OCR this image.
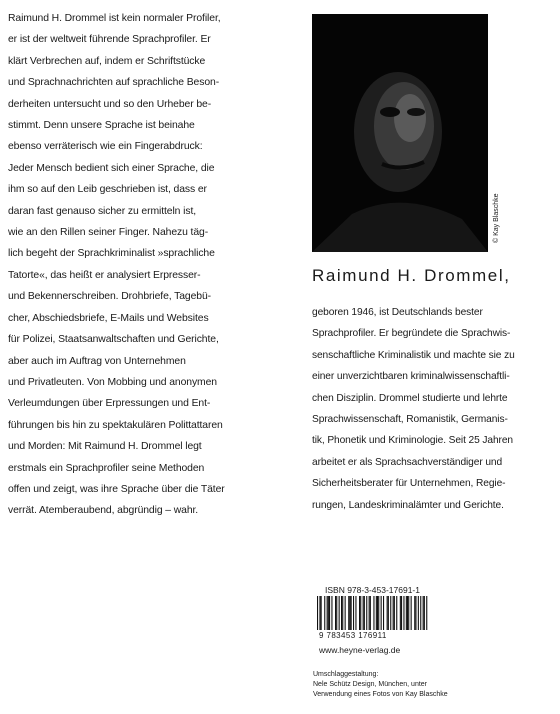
Raimund H. Drommel ist kein normaler Profiler,

er ist der weltweit führende Sprachprofiler. Er

klärt Verbrechen auf, indem er Schriftstücke

und Sprachnachrichten auf sprachliche Beson-

derheiten untersucht und so den Urheber be-

stimmt. Denn unsere Sprache ist beinahe

ebenso verräterisch wie ein Fingerabdruck:

Jeder Mensch bedient sich einer Sprache, die

ihm so auf den Leib geschrieben ist, dass er

daran fast genauso sicher zu ermitteln ist,

wie an den Rillen seiner Finger. Nahezu täg-

lich begeht der Sprachkriminalist »sprachliche

Tatorte«, das heißt er analysiert Erpresser-

und Bekennerschreiben. Drohbriefe, Tagebü-

cher, Abschiedsbriefe, E-Mails und Websites

für Polizei, Staatsanwaltschaften und Gerichte,

aber auch im Auftrag von Unternehmen

und Privatleuten. Von Mobbing und anonymen

Verleumdungen über Erpressungen und Ent-

führungen bis hin zu spektakulären Polittattaren

und Morden: Mit Raimund H. Drommel legt

erstmals ein Sprachprofiler seine Methoden

offen und zeigt, was ihre Sprache über die Täter

verrät. Atemberaubend, abgründig – wahr.

© Kay Blaschke
Raimund H. Drommel,

geboren 1946, ist Deutschlands bester

Sprachprofiler. Er begründete die Sprachwis-

senschaftliche Kriminalistik und machte sie zu

einer unverzichtbaren kriminalwissenschaftli-

chen Disziplin. Drommel studierte und lehrte

Sprachwissenschaft, Romanistik, Germanis-

tik, Phonetik und Kriminologie. Seit 25 Jahren

arbeitet er als Sprachsachverständiger und

Sicherheitsberater für Unternehmen, Regie-

rungen, Landeskriminalämter und Gerichte.

ISBN 978-3-453-17691-1
9 783453 176911
www.heyne-verlag.de
Umschlaggestaltung:
Nele Schütz Design, München, unter
Verwendung eines Fotos von Kay Blaschke
